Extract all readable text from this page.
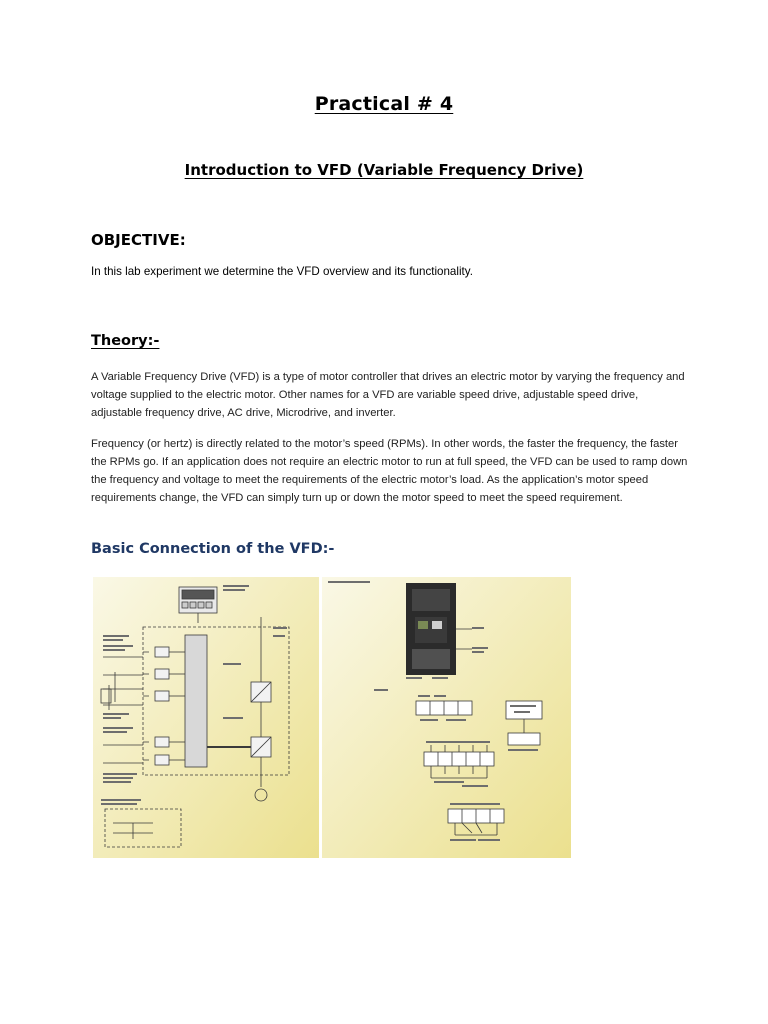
Practical # 4
Introduction to VFD (Variable Frequency Drive)
OBJECTIVE:
In this lab experiment we determine the VFD overview and its functionality.
Theory:-
A Variable Frequency Drive (VFD) is a type of motor controller that drives an electric motor by varying the frequency and voltage supplied to the electric motor. Other names for a VFD are variable speed drive, adjustable speed drive, adjustable frequency drive, AC drive, Microdrive, and inverter.
Frequency (or hertz) is directly related to the motor’s speed (RPMs). In other words, the faster the frequency, the faster the RPMs go. If an application does not require an electric motor to run at full speed, the VFD can be used to ramp down the frequency and voltage to meet the requirements of the electric motor’s load. As the application’s motor speed requirements change, the VFD can simply turn up or down the motor speed to meet the speed requirement.
Basic Connection of the VFD:-
